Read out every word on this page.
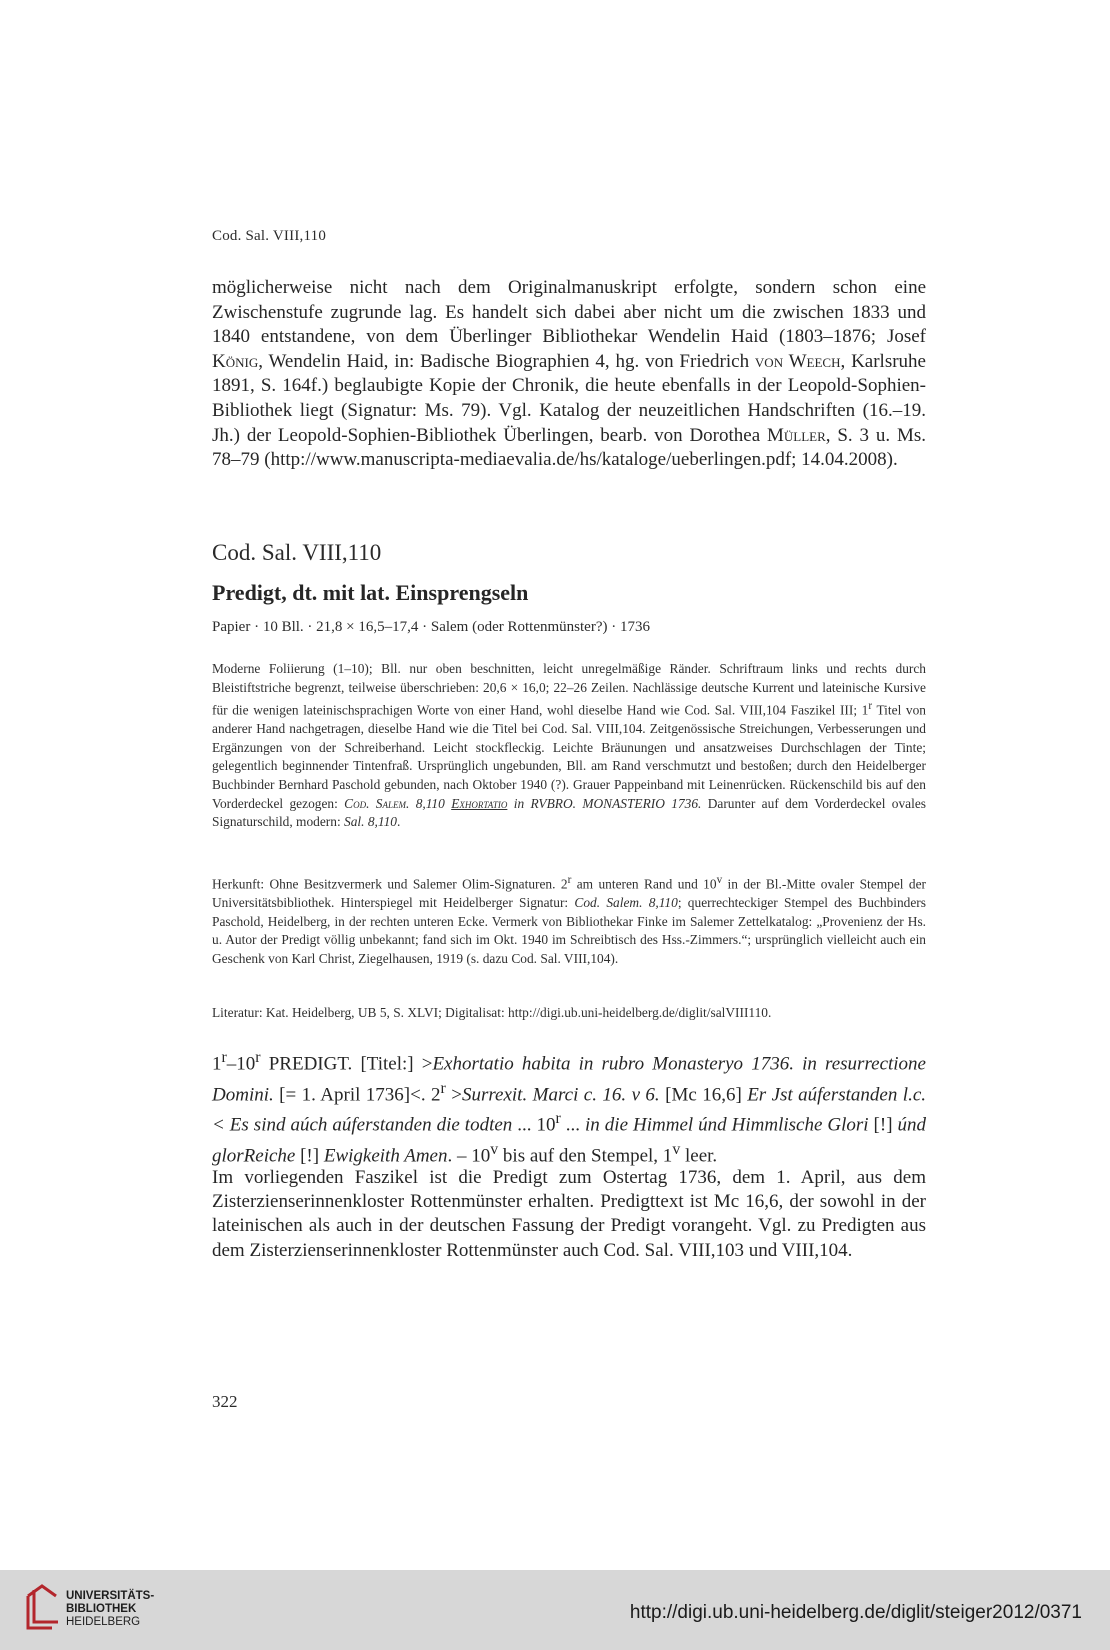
Cod. Sal. VIII,110

möglicherweise nicht nach dem Originalmanuskript erfolgte, sondern schon eine Zwischenstufe zugrunde lag. Es handelt sich dabei aber nicht um die zwischen 1833 und 1840 entstandene, von dem Überlinger Bibliothekar Wendelin Haid (1803–1876; Josef König, Wendelin Haid, in: Badische Biographien 4, hg. von Friedrich von Weech, Karlsruhe 1891, S. 164f.) beglaubigte Kopie der Chronik, die heute ebenfalls in der Leopold-Sophien-Bibliothek liegt (Signatur: Ms. 79). Vgl. Katalog der neuzeitlichen Handschriften (16.–19. Jh.) der Leopold-Sophien-Bibliothek Überlingen, bearb. von Dorothea Müller, S. 3 u. Ms. 78–79 (http://www.manuscripta-mediaevalia.de/hs/kataloge/ueberlingen.pdf; 14.04.2008).

Cod. Sal. VIII,110
Predigt, dt. mit lat. Einsprengseln
Papier · 10 Bll. · 21,8 × 16,5–17,4 · Salem (oder Rottenmünster?) · 1736

Moderne Foliierung (1–10); Bll. nur oben beschnitten, leicht unregelmäßige Ränder. Schriftraum links und rechts durch Bleistiftstriche begrenzt, teilweise überschrieben: 20,6 × 16,0; 22–26 Zeilen. Nachlässige deutsche Kurrent und lateinische Kursive für die wenigen lateinischsprachigen Worte von einer Hand, wohl dieselbe Hand wie Cod. Sal. VIII,104 Faszikel III; 1$^r$ Titel von anderer Hand nachgetragen, dieselbe Hand wie die Titel bei Cod. Sal. VIII,104. Zeitgenössische Streichungen, Verbesserungen und Ergänzungen von der Schreiberhand. Leicht stockfleckig. Leichte Bräunungen und ansatzweises Durchschlagen der Tinte; gelegentlich beginnender Tintenfraß. Ursprünglich ungebunden, Bll. am Rand verschmutzt und bestoßen; durch den Heidelberger Buchbinder Bernhard Paschold gebunden, nach Oktober 1940 (?). Grauer Pappeinband mit Leinenrücken. Rückenschild bis auf den Vorderdeckel gezogen: Cod. Salem. 8,110 Exhortatio in RVBRO. MONASTERIO 1736. Darunter auf dem Vorderdeckel ovales Signaturschild, modern: Sal. 8,110.

Herkunft: Ohne Besitzvermerk und Salemer Olim-Signaturen. 2$^r$ am unteren Rand und 10$^v$ in der Bl.-Mitte ovaler Stempel der Universitätsbibliothek. Hinterspiegel mit Heidelberger Signatur: Cod. Salem. 8,110; querrechteckiger Stempel des Buchbinders Paschold, Heidelberg, in der rechten unteren Ecke. Vermerk von Bibliothekar Finke im Salemer Zettelkatalog: „Provenienz der Hs. u. Autor der Predigt völlig unbekannt; fand sich im Okt. 1940 im Schreibtisch des Hss.-Zimmers.“; ursprünglich vielleicht auch ein Geschenk von Karl Christ, Ziegelhausen, 1919 (s. dazu Cod. Sal. VIII,104).

Literatur: Kat. Heidelberg, UB 5, S. XLVI; Digitalisat: http://digi.ub.uni-heidelberg.de/diglit/salVIII110.

1$^r$–10$^r$ PREDIGT. [Titel:] >Exhortatio habita in rubro Monasteryo 1736. in resurrectione Domini. [= 1. April 1736]<. $2^r$ >Surrexit. Marci c. 16. v 6. [Mc 16,6] Er Jst aúferstanden l.c.< Es sind aúch aúferstanden die todten ... 10$^r$ ... in die Himmel únd Himmlische Glori [!] únd glorReiche [!] Ewigkeith Amen. – 10$^v$ bis auf den Stempel, 1$^v$ leer.

Im vorliegenden Faszikel ist die Predigt zum Ostertag 1736, dem 1. April, aus dem Zisterzienserinnenkloster Rottenmünster erhalten. Predigttext ist Mc 16,6, der sowohl in der lateinischen als auch in der deutschen Fassung der Predigt vorangeht. Vgl. zu Predigten aus dem Zisterzienserinnenkloster Rottenmünster auch Cod. Sal. VIII,103 und VIII,104.

322
UNIVERSITÄTS-
BIBLIOTHEK
HEIDELBERG	http://digi.ub.uni-heidelberg.de/diglit/steiger2012/0371
